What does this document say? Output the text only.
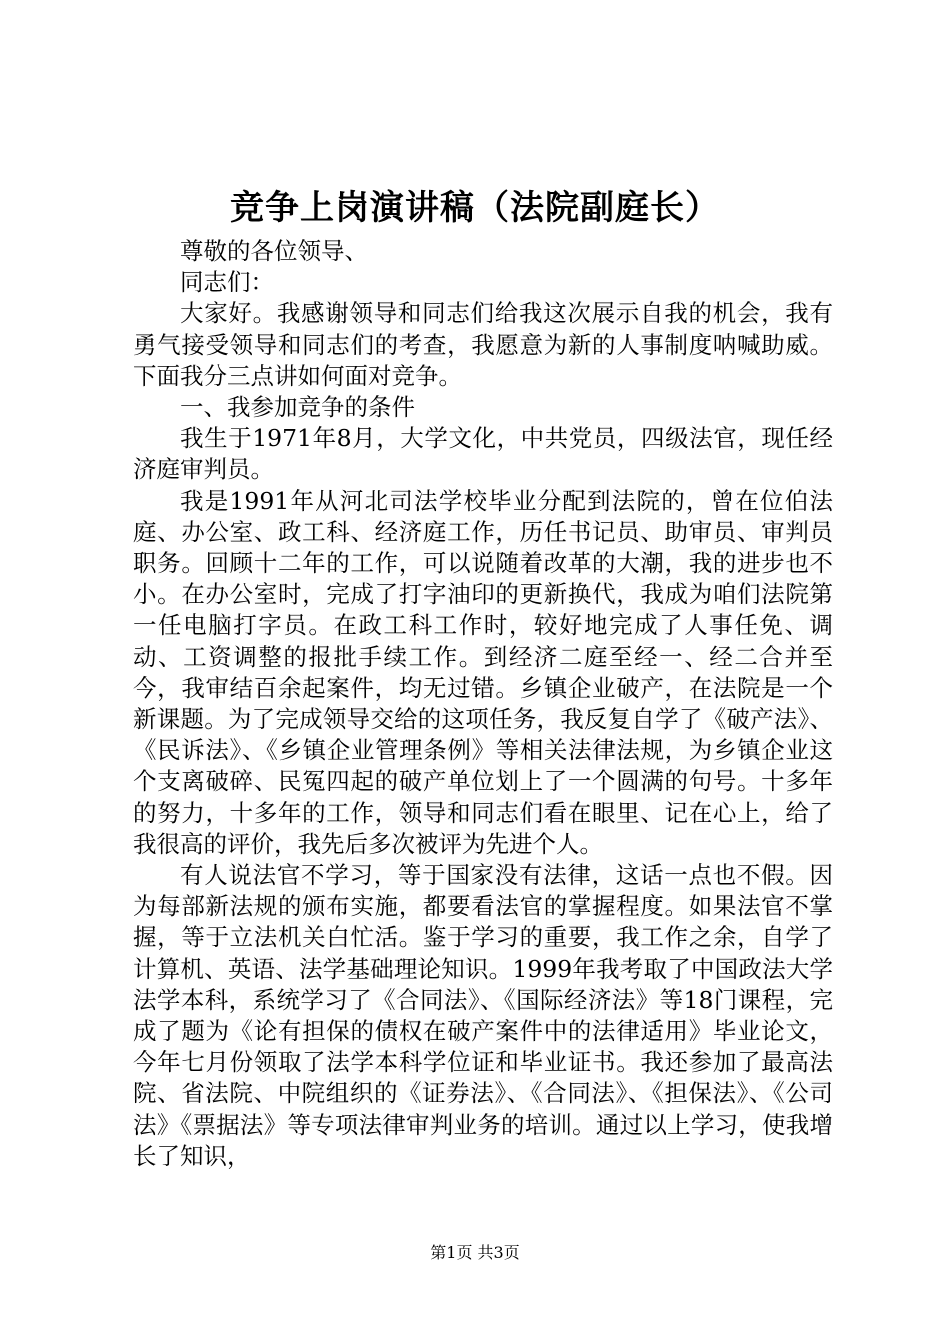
竞争上岗演讲稿（法院副庭长）

尊敬的各位领导、

同志们：

大家好。我感谢领导和同志们给我这次展示自我的机会，我有勇气接受领导和同志们的考查，我愿意为新的人事制度呐喊助威。下面我分三点讲如何面对竞争。

一、我参加竞争的条件

我生于1971年8月，大学文化，中共党员，四级法官，现任经济庭审判员。

我是1991年从河北司法学校毕业分配到法院的，曾在位伯法庭、办公室、政工科、经济庭工作，历任书记员、助审员、审判员职务。回顾十二年的工作，可以说随着改革的大潮，我的进步也不小。在办公室时，完成了打字油印的更新换代，我成为咱们法院第一任电脑打字员。在政工科工作时，较好地完成了人事任免、调动、工资调整的报批手续工作。到经济二庭至经一、经二合并至今，我审结百余起案件，均无过错。乡镇企业破产，在法院是一个新课题。为了完成领导交给的这项任务，我反复自学了《破产法》、《民诉法》、《乡镇企业管理条例》等相关法律法规，为乡镇企业这个支离破碎、民冤四起的破产单位划上了一个圆满的句号。十多年的努力，十多年的工作，领导和同志们看在眼里、记在心上，给了我很高的评价，我先后多次被评为先进个人。

有人说法官不学习，等于国家没有法律，这话一点也不假。因为每部新法规的颁布实施，都要看法官的掌握程度。如果法官不掌握，等于立法机关白忙活。鉴于学习的重要，我工作之余，自学了计算机、英语、法学基础理论知识。1999年我考取了中国政法大学法学本科，系统学习了《合同法》、《国际经济法》等18门课程，完成了题为《论有担保的债权在破产案件中的法律适用》毕业论文，今年七月份领取了法学本科学位证和毕业证书。我还参加了最高法院、省法院、中院组织的《证券法》、《合同法》、《担保法》、《公司法》《票据法》等专项法律审判业务的培训。通过以上学习，使我增长了知识，

第1页 共3页
